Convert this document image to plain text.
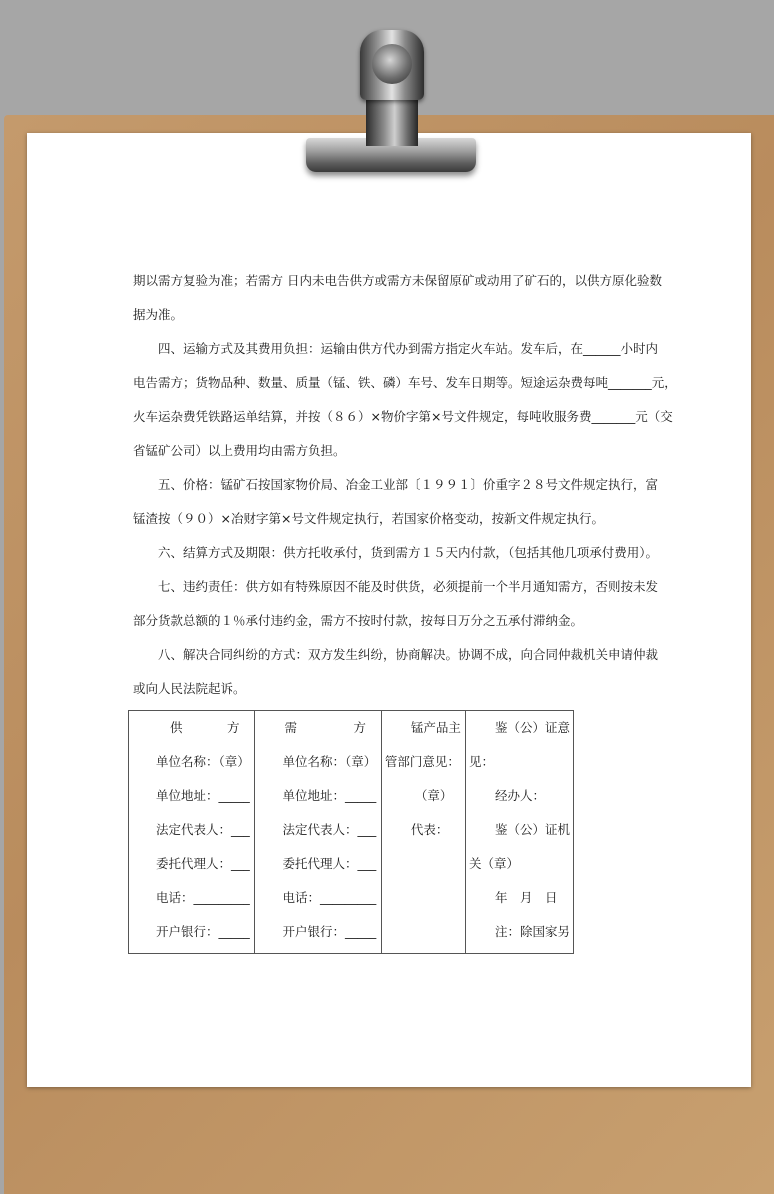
期以需方复验为准；若需方 日内未电告供方或需方未保留原矿或动用了矿石的，以供方原化验数

据为准。

四、运输方式及其费用负担：运输由供方代办到需方指定火车站。发车后，在______小时内

电告需方；货物品种、数量、质量（锰、铁、磷）车号、发车日期等。短途运杂费每吨_______元，

火车运杂费凭铁路运单结算，并按（８６）×物价字第×号文件规定，每吨收服务费_______元（交

省锰矿公司）以上费用均由需方负担。

五、价格：锰矿石按国家物价局、冶金工业部〔１９９１〕价重字２８号文件规定执行，富

锰渣按（９０）×冶财字第×号文件规定执行，若国家价格变动，按新文件规定执行。

六、结算方式及期限：供方托收承付，货到需方１５天内付款，（包括其他几项承付费用）。

七、违约责任：供方如有特殊原因不能及时供货，必须提前一个半月通知需方，否则按未发

部分货款总额的１％承付违约金，需方不按时付款，按每日万分之五承付滞纳金。

八、解决合同纠纷的方式：双方发生纠纷，协商解决。协调不成，向合同仲裁机关申请仲裁

或向人民法院起诉。

供	方
单位名称：（章）
单位地址：_____
法定代表人：___
委托代理人：___
电话：_________
开户银行：_____

需	方
单位名称：（章）
单位地址：_____
法定代表人：___
委托代理人：___
电话：_________
开户银行：_____

锰产品主
管部门意见：
（章）
代表：

鉴（公）证意
见：
经办人：
鉴（公）证机
关（章）
年　月　日
注：除国家另
